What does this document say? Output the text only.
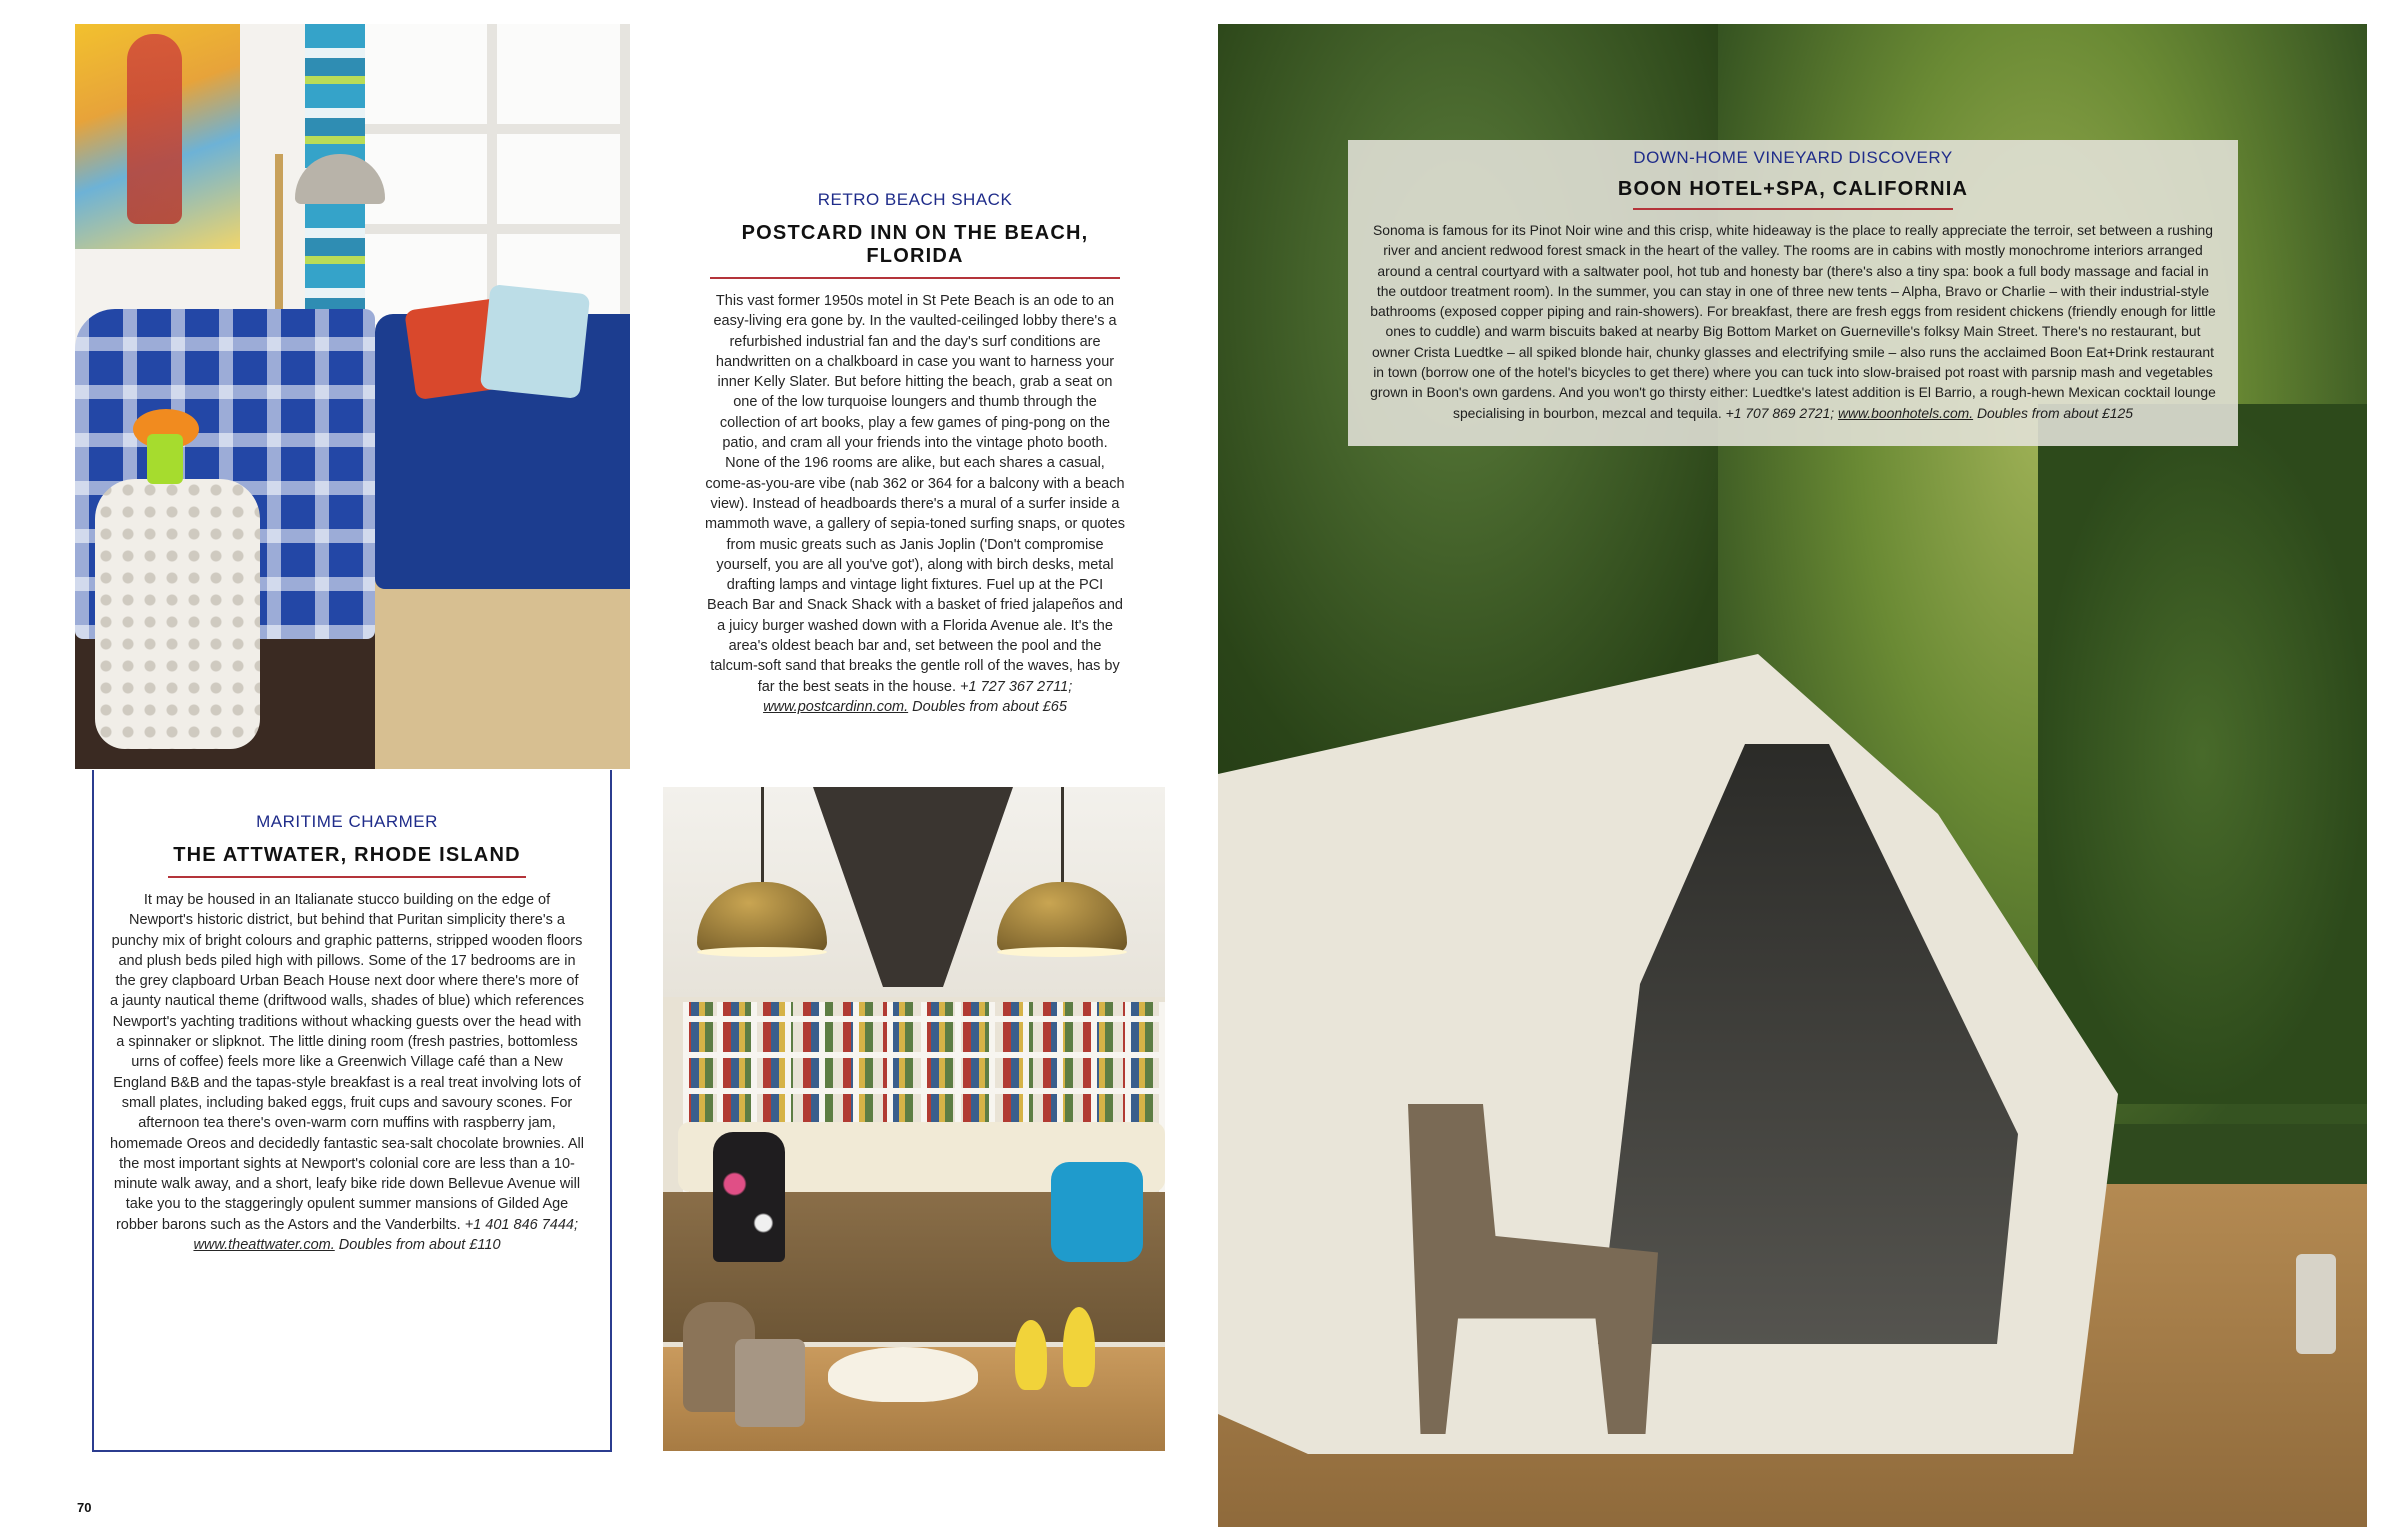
RETRO BEACH SHACK

POSTCARD INN ON THE BEACH, FLORIDA

This vast former 1950s motel in St Pete Beach is an ode to an easy-living era gone by. In the vaulted-ceilinged lobby there's a refurbished industrial fan and the day's surf conditions are handwritten on a chalkboard in case you want to harness your inner Kelly Slater. But before hitting the beach, grab a seat on one of the low turquoise loungers and thumb through the collection of art books, play a few games of ping-pong on the patio, and cram all your friends into the vintage photo booth. None of the 196 rooms are alike, but each shares a casual, come-as-you-are vibe (nab 362 or 364 for a balcony with a beach view). Instead of headboards there's a mural of a surfer inside a mammoth wave, a gallery of sepia-toned surfing snaps, or quotes from music greats such as Janis Joplin ('Don't compromise yourself, you are all you've got'), along with birch desks, metal drafting lamps and vintage light fixtures. Fuel up at the PCI Beach Bar and Snack Shack with a basket of fried jalapeños and a juicy burger washed down with a Florida Avenue ale. It's the area's oldest beach bar and, set between the pool and the talcum-soft sand that breaks the gentle roll of the waves, has by far the best seats in the house. +1 727 367 2711; www.postcardinn.com. Doubles from about £65

MARITIME CHARMER

THE ATTWATER, RHODE ISLAND

It may be housed in an Italianate stucco building on the edge of Newport's historic district, but behind that Puritan simplicity there's a punchy mix of bright colours and graphic patterns, stripped wooden floors and plush beds piled high with pillows. Some of the 17 bedrooms are in the grey clapboard Urban Beach House next door where there's more of a jaunty nautical theme (driftwood walls, shades of blue) which references Newport's yachting traditions without whacking guests over the head with a spinnaker or slipknot. The little dining room (fresh pastries, bottomless urns of coffee) feels more like a Greenwich Village café than a New England B&B and the tapas-style breakfast is a real treat involving lots of small plates, including baked eggs, fruit cups and savoury scones. For afternoon tea there's oven-warm corn muffins with raspberry jam, homemade Oreos and decidedly fantastic sea-salt chocolate brownies. All the most important sights at Newport's colonial core are less than a 10-minute walk away, and a short, leafy bike ride down Bellevue Avenue will take you to the staggeringly opulent summer mansions of Gilded Age robber barons such as the Astors and the Vanderbilts. +1 401 846 7444; www.theattwater.com. Doubles from about £110

DOWN-HOME VINEYARD DISCOVERY

BOON HOTEL+SPA, CALIFORNIA

Sonoma is famous for its Pinot Noir wine and this crisp, white hideaway is the place to really appreciate the terroir, set between a rushing river and ancient redwood forest smack in the heart of the valley. The rooms are in cabins with mostly monochrome interiors arranged around a central courtyard with a saltwater pool, hot tub and honesty bar (there's also a tiny spa: book a full body massage and facial in the outdoor treatment room). In the summer, you can stay in one of three new tents – Alpha, Bravo or Charlie – with their industrial-style bathrooms (exposed copper piping and rain-showers). For breakfast, there are fresh eggs from resident chickens (friendly enough for little ones to cuddle) and warm biscuits baked at nearby Big Bottom Market on Guerneville's folksy Main Street. There's no restaurant, but owner Crista Luedtke – all spiked blonde hair, chunky glasses and electrifying smile – also runs the acclaimed Boon Eat+Drink restaurant in town (borrow one of the hotel's bicycles to get there) where you can tuck into slow-braised pot roast with parsnip mash and vegetables grown in Boon's own gardens. And you won't go thirsty either: Luedtke's latest addition is El Barrio, a rough-hewn Mexican cocktail lounge specialising in bourbon, mezcal and tequila. +1 707 869 2721; www.boonhotels.com. Doubles from about £125

70
